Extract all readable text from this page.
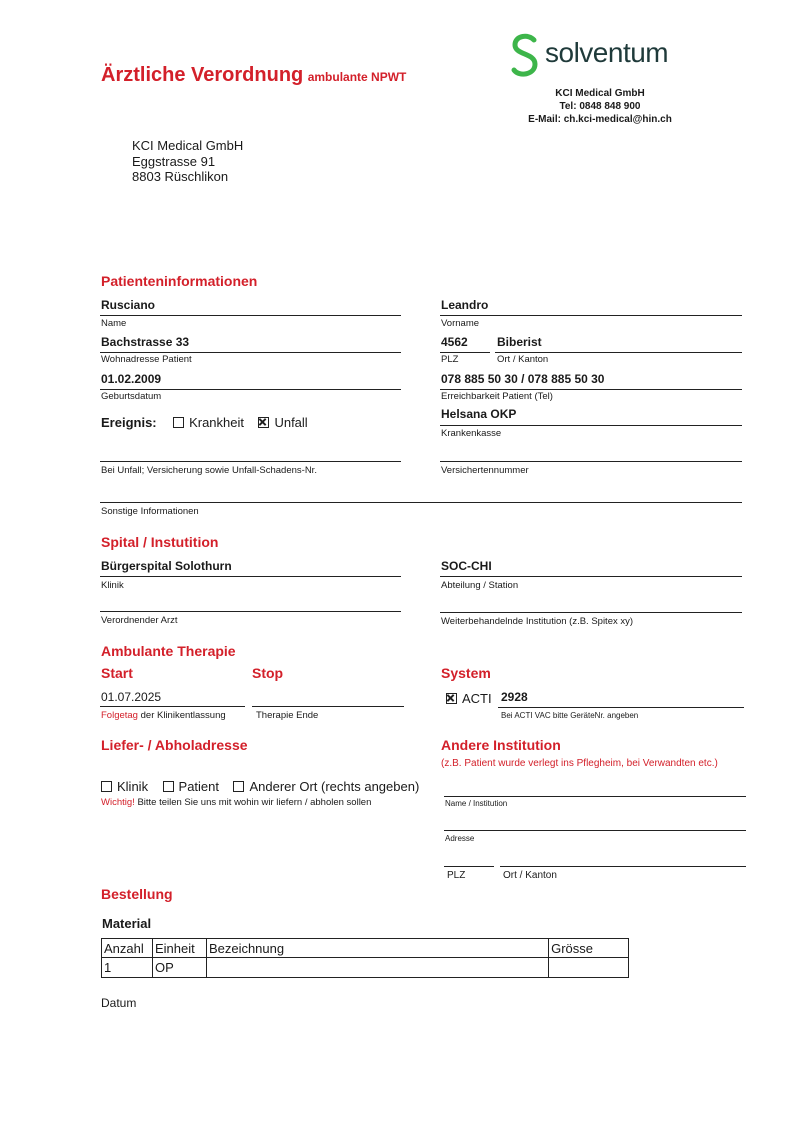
Ärztliche Verordnung ambulante NPWT
solventum
KCI Medical GmbH
Tel: 0848 848 900
E-Mail: ch.kci-medical@hin.ch
KCI Medical GmbH
Eggstrasse 91
8803 Rüschlikon
Patienteninformationen
Rusciano
Name
Leandro
Vorname
Bachstrasse 33
Wohnadresse Patient
4562
PLZ
Biberist
Ort / Kanton
01.02.2009
Geburtsdatum
078 885 50 30 / 078 885 50 30
Erreichbarkeit Patient (Tel)
Ereignis: Krankheit Unfall
Helsana OKP
Krankenkasse
Bei Unfall; Versicherung sowie Unfall-Schadens-Nr.	Versichertennummer
Sonstige Informationen
Spital / Instutition
Bürgerspital Solothurn
Klinik
SOC-CHI
Abteilung / Station
Verordnender Arzt	Weiterbehandelnde Institution (z.B. Spitex xy)
Ambulante Therapie
Start	Stop	System
01.07.2025
Folgetag der Klinikentlassung	Therapie Ende
ACTI 2928
Bei ACTI VAC bitte GeräteNr. angeben
Liefer- / Abholadresse
Klinik Patient Anderer Ort (rechts angeben)
Wichtig! Bitte teilen Sie uns mit wohin wir liefern / abholen sollen
Andere Institution
(z.B. Patient wurde verlegt ins Pflegheim, bei Verwandten etc.)
Name / Institution
Adresse
PLZ	Ort / Kanton
Bestellung
Material
Anzahl	Einheit	Bezeichnung	Grösse
1	OP		
Datum
